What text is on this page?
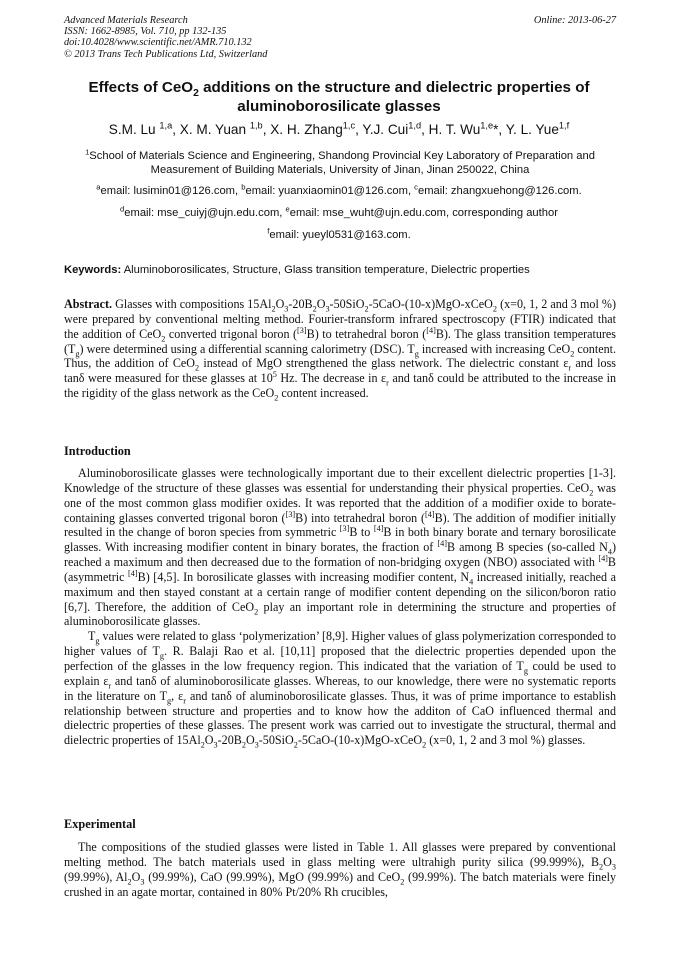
Advanced Materials Research
ISSN: 1662-8985, Vol. 710, pp 132-135
doi:10.4028/www.scientific.net/AMR.710.132
© 2013 Trans Tech Publications Ltd, Switzerland
Online: 2013-06-27
Effects of CeO$_2$ additions on the structure and dielectric properties of
aluminoborosilicate glasses
S.M. Lu $^{1,a}$, X. M. Yuan $^{1,b}$, X. H. Zhang$^{1,c}$, Y.J. Cui$^{1,d}$, H. T. Wu$^{1,e}$*, Y. L. Yue$^{1,f}$
$^1$School of Materials Science and Engineering, Shandong Provincial Key Laboratory of Preparation and Measurement of Building Materials, University of Jinan, Jinan 250022, China
$^a$email: lusimin01@126.com, $^b$email: yuanxiaomin01@126.com, $^c$email: zhangxuehong@126.com.
$^d$email: mse_cuiyj@ujn.edu.com, $^e$email: mse_wuht@ujn.edu.com, corresponding author
$^f$email: yueyl0531@163.com.
Keywords: Aluminoborosilicates, Structure, Glass transition temperature, Dielectric properties

Abstract. Glasses with compositions $15Al_2O_3-20B_2O_3-50SiO_2-5CaO-(10-x)MgO-xCeO_2$ (x=0, 1, 2 and 3 mol %) were prepared by conventional melting method. Fourier-transform infrared spectroscopy (FTIR) indicated that the addition of CeO$_2$ converted trigonal boron ([3]B) to tetrahedral boron ([4]B). The glass transition temperatures $(T_g)$ were determined using a differential scanning calorimetry (DSC). $T_g$ increased with increasing CeO$_2$ content. Thus, the addition of CeO$_2$ instead of MgO strengthened the glass network. The dielectric constant $\varepsilon_r$ and loss tanδ were measured for these glasses at $10^5$ Hz. The decrease in $\varepsilon_r$ and tanδ could be attributed to the increase in the rigidity of the glass network as the CeO$_2$ content increased.

Introduction

Aluminoborosilicate glasses were technologically important due to their excellent dielectric properties [1-3]. Knowledge of the structure of these glasses was essential for understanding their physical properties. CeO$_2$ was one of the most common glass modifier oxides. It was reported that the addition of a modifier oxide to borate-containing glasses converted trigonal boron ([3]B) into tetrahedral boron ([4]B). The addition of modifier initially resulted in the change of boron species from symmetric [3]B to [4]B in both binary borate and ternary borosilicate glasses. With increasing modifier content in binary borates, the fraction of [4]B among B species (so-called $N_4$) reached a maximum and then decreased due to the formation of non-bridging oxygen (NBO) associated with [4]B (asymmetric [4]B) [4,5]. In borosilicate glasses with increasing modifier content, $N_4$ increased initially, reached a maximum and then stayed constant at a certain range of modifier content depending on the silicon/boron ratio [6,7]. Therefore, the addition of CeO$_2$ play an important role in determining the structure and properties of aluminoborosilicate glasses.

$T_g$ values were related to glass ‘polymerization’ [8,9]. Higher values of glass polymerization corresponded to higher values of $T_g$. R. Balaji Rao et al. [10,11] proposed that the dielectric properties depended upon the perfection of the glasses in the low frequency region. This indicated that the variation of $T_g$ could be used to explain $\varepsilon_r$ and tanδ of aluminoborosilicate glasses. Whereas, to our knowledge, there were no systematic reports in the literature on $T_g$, $\varepsilon_r$ and tanδ of aluminoborosilicate glasses. Thus, it was of prime importance to establish relationship between structure and properties and to know how the additon of CaO influenced thermal and dielectric properties of these glasses. The present work was carried out to investigate the structural, thermal and dielectric properties of $15Al_2O_3-20B_2O_3-50SiO_2-5CaO-(10-x)MgO-xCeO_2$ (x=0, 1, 2 and 3 mol %) glasses.

Experimental

The compositions of the studied glasses were listed in Table 1. All glasses were prepared by conventional melting method. The batch materials used in glass melting were ultrahigh purity silica (99.999%), $B_2O_3$ (99.99%), $Al_2O_3$ (99.99%), CaO (99.99%), MgO (99.99%) and CeO$_2$ (99.99%). The batch materials were finely crushed in an agate mortar, contained in 80% Pt/20% Rh crucibles,
